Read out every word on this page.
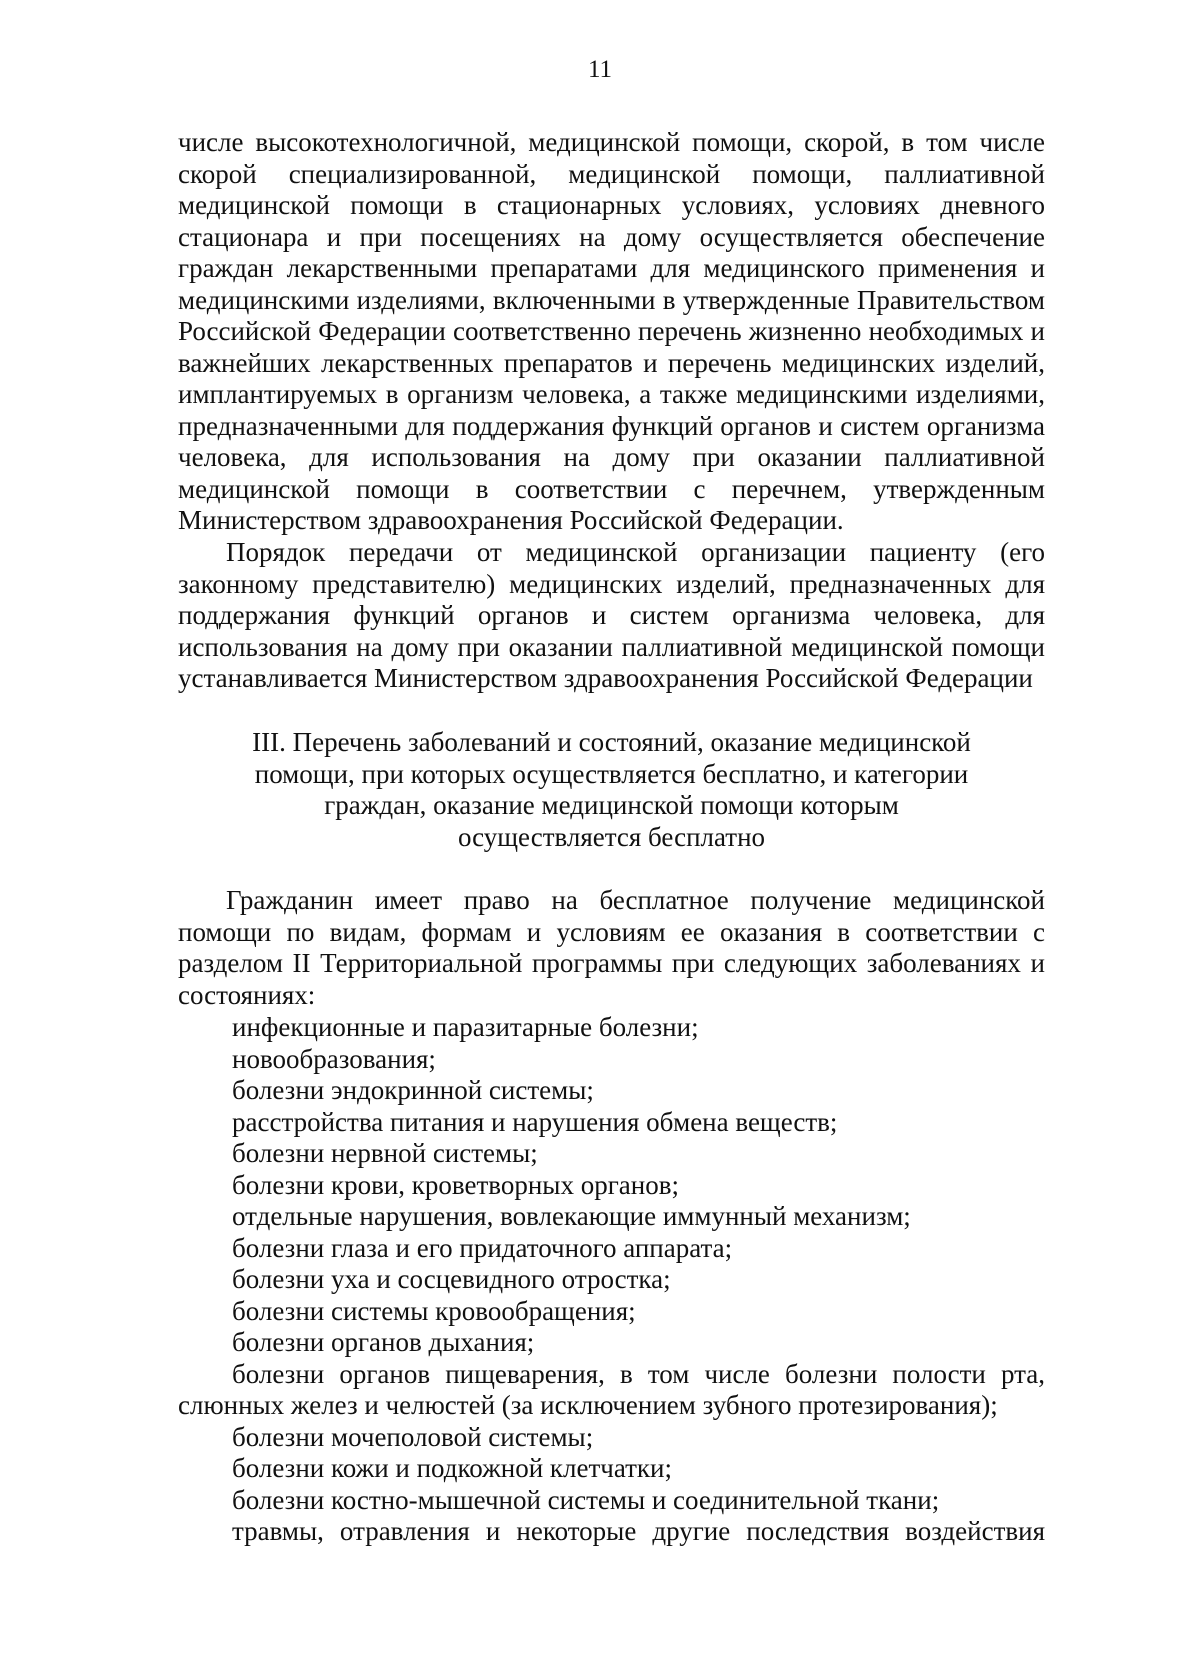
11

числе высокотехнологичной, медицинской помощи, скорой, в том числе скорой специализированной, медицинской помощи, паллиативной медицинской помощи в стационарных условиях, условиях дневного стационара и при посещениях на дому осуществляется обеспечение граждан лекарственными препаратами для медицинского применения и медицинскими изделиями, включенными в утвержденные Правительством Российской Федерации соответственно перечень жизненно необходимых и важнейших лекарственных препаратов и перечень медицинских изделий, имплантируемых в организм человека, а также медицинскими изделиями, предназначенными для поддержания функций органов и систем организма человека, для использования на дому при оказании паллиативной медицинской помощи в соответствии с перечнем, утвержденным Министерством здравоохранения Российской Федерации.

Порядок передачи от медицинской организации пациенту (его законному представителю) медицинских изделий, предназначенных для поддержания функций органов и систем организма человека, для использования на дому при оказании паллиативной медицинской помощи устанавливается Министерством здравоохранения Российской Федерации

III. Перечень заболеваний и состояний, оказание медицинской
помощи, при которых осуществляется бесплатно, и категории
граждан, оказание медицинской помощи которым
осуществляется бесплатно

Гражданин имеет право на бесплатное получение медицинской помощи по видам, формам и условиям ее оказания в соответствии с разделом II Территориальной программы при следующих заболеваниях и состояниях:

инфекционные и паразитарные болезни;
новообразования;
болезни эндокринной системы;
расстройства питания и нарушения обмена веществ;
болезни нервной системы;
болезни крови, кроветворных органов;
отдельные нарушения, вовлекающие иммунный механизм;
болезни глаза и его придаточного аппарата;
болезни уха и сосцевидного отростка;
болезни системы кровообращения;
болезни органов дыхания;
болезни органов пищеварения, в том числе болезни полости рта, слюнных желез и челюстей (за исключением зубного протезирования);
болезни мочеполовой системы;
болезни кожи и подкожной клетчатки;
болезни костно-мышечной системы и соединительной ткани;
травмы, отравления и некоторые другие последствия воздействия
